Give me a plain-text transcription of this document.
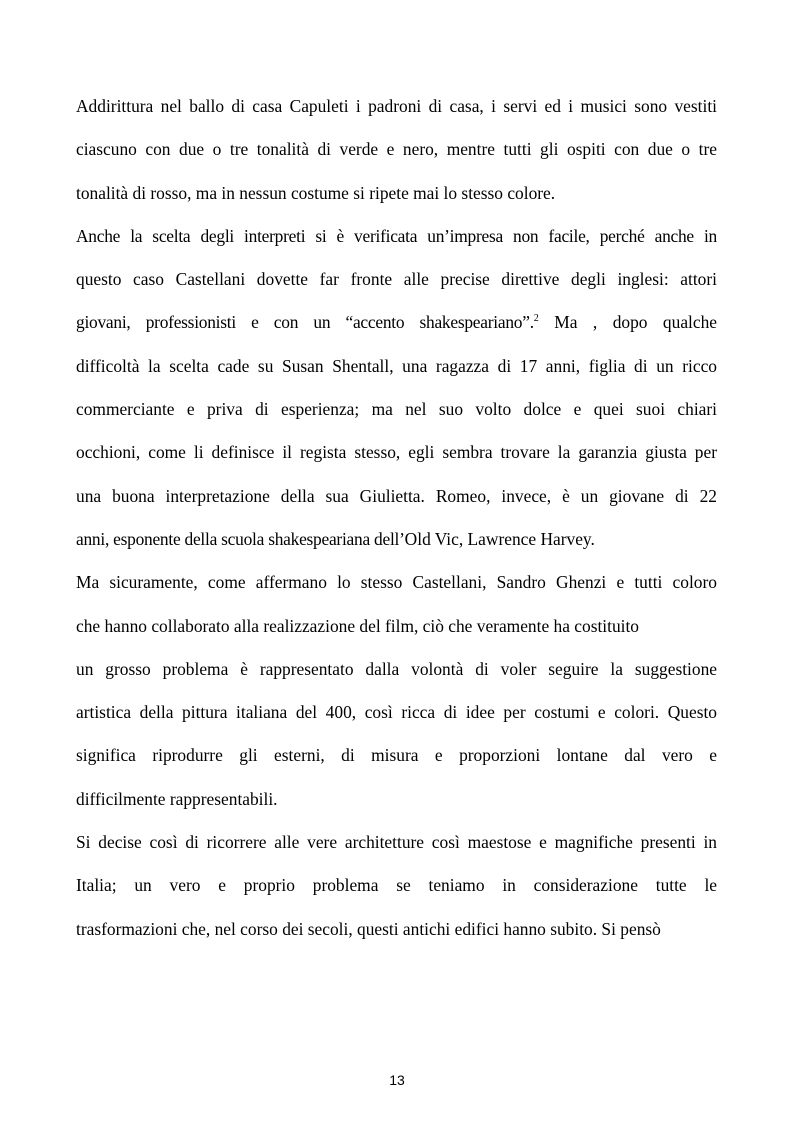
Addirittura nel ballo di casa Capuleti i padroni di casa, i servi ed i musici sono vestiti
ciascuno con due o tre tonalità di verde e nero, mentre tutti gli ospiti con due o tre
tonalità di rosso, ma in nessun costume si ripete mai lo stesso colore.
Anche la scelta degli interpreti si è verificata un’impresa non facile, perché anche in
questo caso Castellani dovette far fronte alle precise direttive degli inglesi: attori
giovani, professionisti e con un “accento shakespeariano”.$^2$ Ma , dopo qualche
difficoltà la scelta cade su Susan Shentall, una ragazza di 17 anni, figlia di un ricco
commerciante e priva di esperienza; ma nel suo volto dolce e quei suoi chiari
occhioni, come li definisce il regista stesso, egli sembra trovare la garanzia giusta per
una buona interpretazione della sua Giulietta. Romeo, invece, è un giovane di 22
anni, esponente della scuola shakespeariana dell’Old Vic, Lawrence Harvey.
Ma sicuramente, come affermano lo stesso Castellani, Sandro Ghenzi e tutti coloro
che hanno collaborato alla realizzazione del film, ciò che veramente ha costituito
un grosso problema è rappresentato dalla volontà di voler seguire la suggestione
artistica della pittura italiana del 400, così ricca di idee per costumi e colori. Questo
significa riprodurre gli esterni, di misura e proporzioni lontane dal vero e
difficilmente rappresentabili.
Si decise così di ricorrere alle vere architetture così maestose e magnifiche presenti in
Italia; un vero e proprio problema se teniamo in considerazione tutte le
trasformazioni che, nel corso dei secoli, questi antichi edifici hanno subito. Si pensò
13
